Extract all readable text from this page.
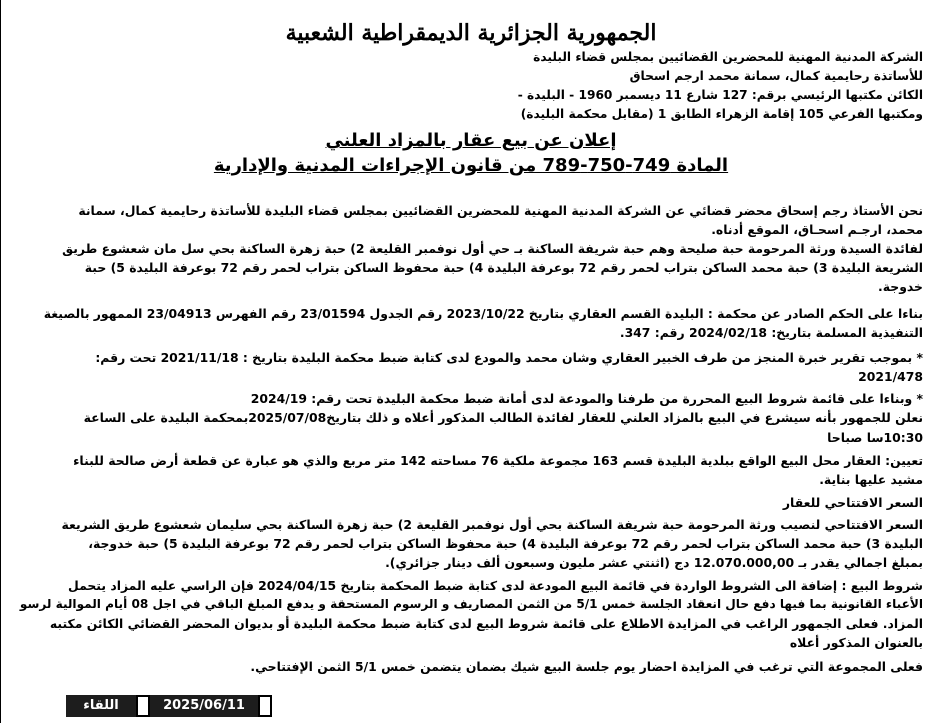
الجمهورية الجزائرية الديمقراطية الشعبية
الشركة المدنية المهنية للمحضرين القضائيين بمجلس قضاء البليدة
للأساتذة رحايمية كمال، سمانة محمد ارجم اسحاق
الكائن مكتبها الرئيسي برقم: 127 شارع 11 ديسمبر 1960 - البليدة -
ومكتبها الفرعي 105 إقامة الزهراء الطابق 1 (مقابل محكمة البليدة)
إعلان عن بيع عقار بالمزاد العلني
المادة 749-750-789 من قانون الإجراءات المدنية والإدارية
نحن الأستاذ رجم إسحاق محضر قضائي عن الشركة المدنية المهنية للمحضرين القضائيين بمجلس قضاء البليدة للأساتذة رحايمية كمال، سمانة
محمد، ارجـم اسحـاق، الموقع أدناه.
لفائدة السيدة ورثة المرحومة حبة صليحة وهم حبة شريفة الساكنة بـ حي أول نوفمبر القليعة 2) حبة زهرة الساكنة بحي سل مان شعشوع طريق
الشريعة البليدة 3) حبة محمد الساكن بتراب لحمر رقم 72 بوعرفة البليدة 4) حبة محفوظ الساكن بتراب لحمر رقم 72 بوعرفة البليدة 5) حبة
خدوجة.
بناءا على الحكم الصادر عن محكمة : البليدة القسم العقاري بتاريخ 2023/10/22 رقم الجدول 23/01594 رقم الفهرس 23/04913 الممهور بالصيغة
التنفيذية المسلمة بتاريخ: 2024/02/18 رقم: 347.
* بموجب تقرير خبرة المنجز من طرف الخبير العقاري وشان محمد والمودع لدى كتابة ضبط محكمة البليدة بتاريخ : 2021/11/18 تحت رقم:
2021/478
* وبناءا على قائمة شروط البيع المحررة من طرفنا والمودعة لدى أمانة ضبط محكمة البليدة تحت رقم: 2024/19
نعلن للجمهور بأنه سيشرع في البيع بالمزاد العلني للعقار لفائدة الطالب المذكور أعلاه و ذلك بتاريخ2025/07/08بمحكمة البليدة على الساعة
10:30سا صباحا
تعيين: العقار محل البيع الواقع ببلدية البليدة قسم 163 مجموعة ملكية 76 مساحته 142 متر مربع والذي هو عبارة عن قطعة أرض صالحة للبناء
مشيد عليها بناية.
السعر الافتتاحي للعقار
السعر الافتتاحي لنصيب ورثة المرحومة حبة شريفة الساكنة بحي أول نوفمبر القليعة 2) حبة زهرة الساكنة بحي سليمان شعشوع طريق الشريعة
البليدة 3) حبة محمد الساكن بتراب لحمر رقم 72 بوعرفة البليدة 4) حبة محفوظ الساكن بتراب لحمر رقم 72 بوعرفة البليدة 5) حبة خدوجة،
بمبلغ اجمالي يقدر بـ 12.070.000,00 دج (اثنتي عشر مليون وسبعون ألف دينار جزائري).
شروط البيع : إضافة الى الشروط الواردة في قائمة البيع المودعة لدى كتابة ضبط المحكمة بتاريخ 2024/04/15 فإن الراسي عليه المزاد يتحمل
الأعباء القانونية بما فيها دفع حال انعقاد الجلسة خمس 5/1 من الثمن المصاريف و الرسوم المستحقة و يدفع المبلغ الباقي في اجل 08 أيام الموالية لرسو
المزاد. فعلى الجمهور الراغب في المزايدة الاطلاع على قائمة شروط البيع لدى كتابة ضبط محكمة البليدة أو بديوان المحضر القضائي الكائن مكتبه
بالعنوان المذكور أعلاه
فعلى المجموعة التي ترغب في المزايدة احضار يوم جلسة البيع شيك بضمان يتضمن خمس 5/1 الثمن الإفتتاحي.
اللقاء	2025/06/11
